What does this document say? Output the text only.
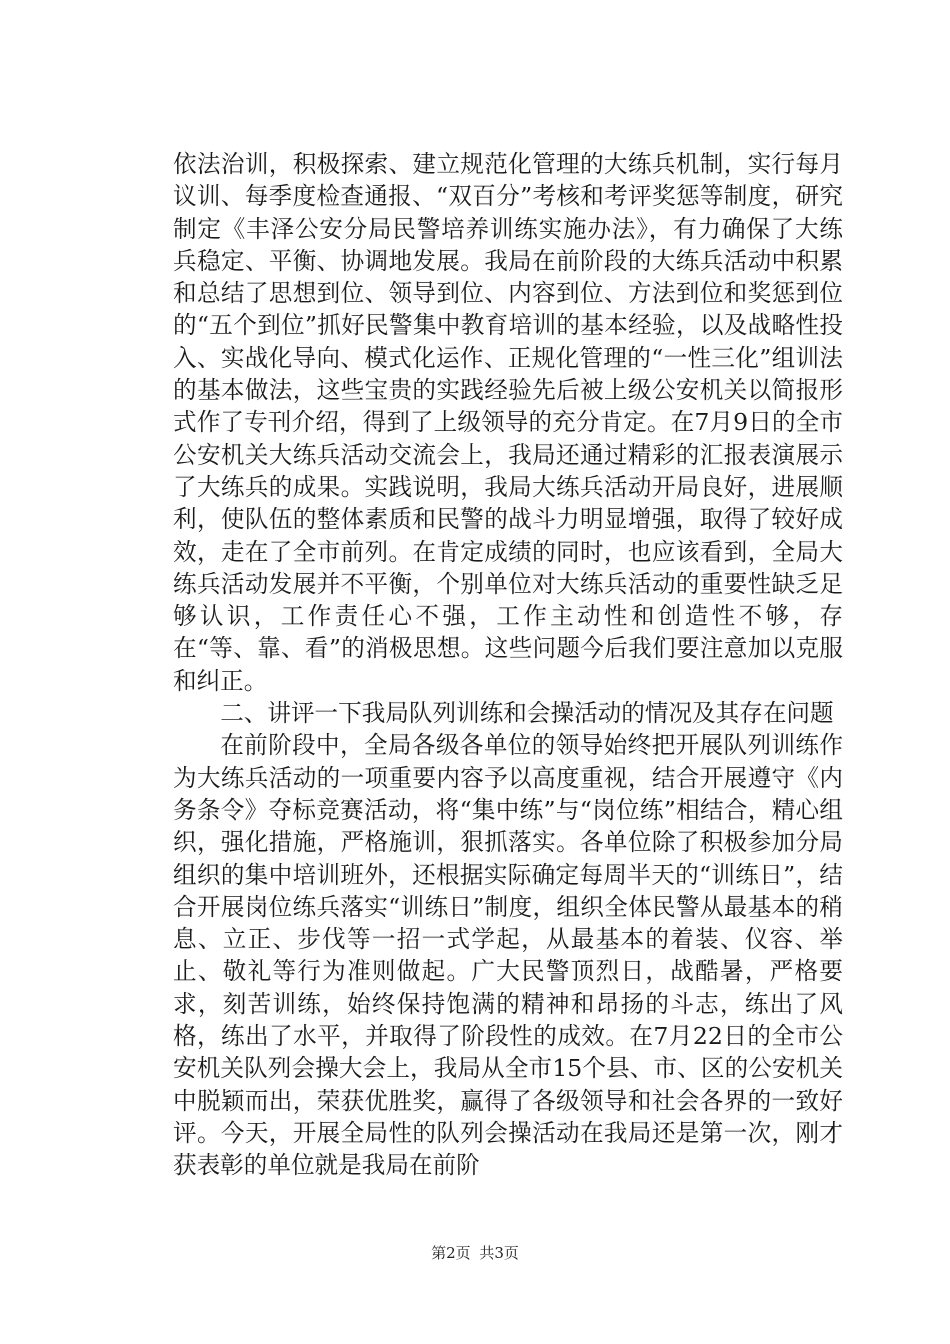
依法治训，积极探索、建立规范化管理的大练兵机制，实行每月议训、每季度检查通报、“双百分”考核和考评奖惩等制度，研究制定《丰泽公安分局民警培养训练实施办法》，有力确保了大练兵稳定、平衡、协调地发展。我局在前阶段的大练兵活动中积累和总结了思想到位、领导到位、内容到位、方法到位和奖惩到位的“五个到位”抓好民警集中教育培训的基本经验，以及战略性投入、实战化导向、模式化运作、正规化管理的“一性三化”组训法的基本做法，这些宝贵的实践经验先后被上级公安机关以简报形式作了专刊介绍，得到了上级领导的充分肯定。在7月9日的全市公安机关大练兵活动交流会上，我局还通过精彩的汇报表演展示了大练兵的成果。实践说明，我局大练兵活动开局良好，进展顺利，使队伍的整体素质和民警的战斗力明显增强，取得了较好成效，走在了全市前列。在肯定成绩的同时，也应该看到，全局大练兵活动发展并不平衡，个别单位对大练兵活动的重要性缺乏足够认识，工作责任心不强，工作主动性和创造性不够，存在“等、靠、看”的消极思想。这些问题今后我们要注意加以克服和纠正。

二、讲评一下我局队列训练和会操活动的情况及其存在问题

在前阶段中，全局各级各单位的领导始终把开展队列训练作为大练兵活动的一项重要内容予以高度重视，结合开展遵守《内务条令》夺标竞赛活动，将“集中练”与“岗位练”相结合，精心组织，强化措施，严格施训，狠抓落实。各单位除了积极参加分局组织的集中培训班外，还根据实际确定每周半天的“训练日”，结合开展岗位练兵落实“训练日”制度，组织全体民警从最基本的稍息、立正、步伐等一招一式学起，从最基本的着装、仪容、举止、敬礼等行为准则做起。广大民警顶烈日，战酷暑，严格要求，刻苦训练，始终保持饱满的精神和昂扬的斗志，练出了风格，练出了水平，并取得了阶段性的成效。在7月22日的全市公安机关队列会操大会上，我局从全市15个县、市、区的公安机关中脱颖而出，荣获优胜奖，赢得了各级领导和社会各界的一致好评。今天，开展全局性的队列会操活动在我局还是第一次，刚才获表彰的单位就是我局在前阶

第2页 共3页
